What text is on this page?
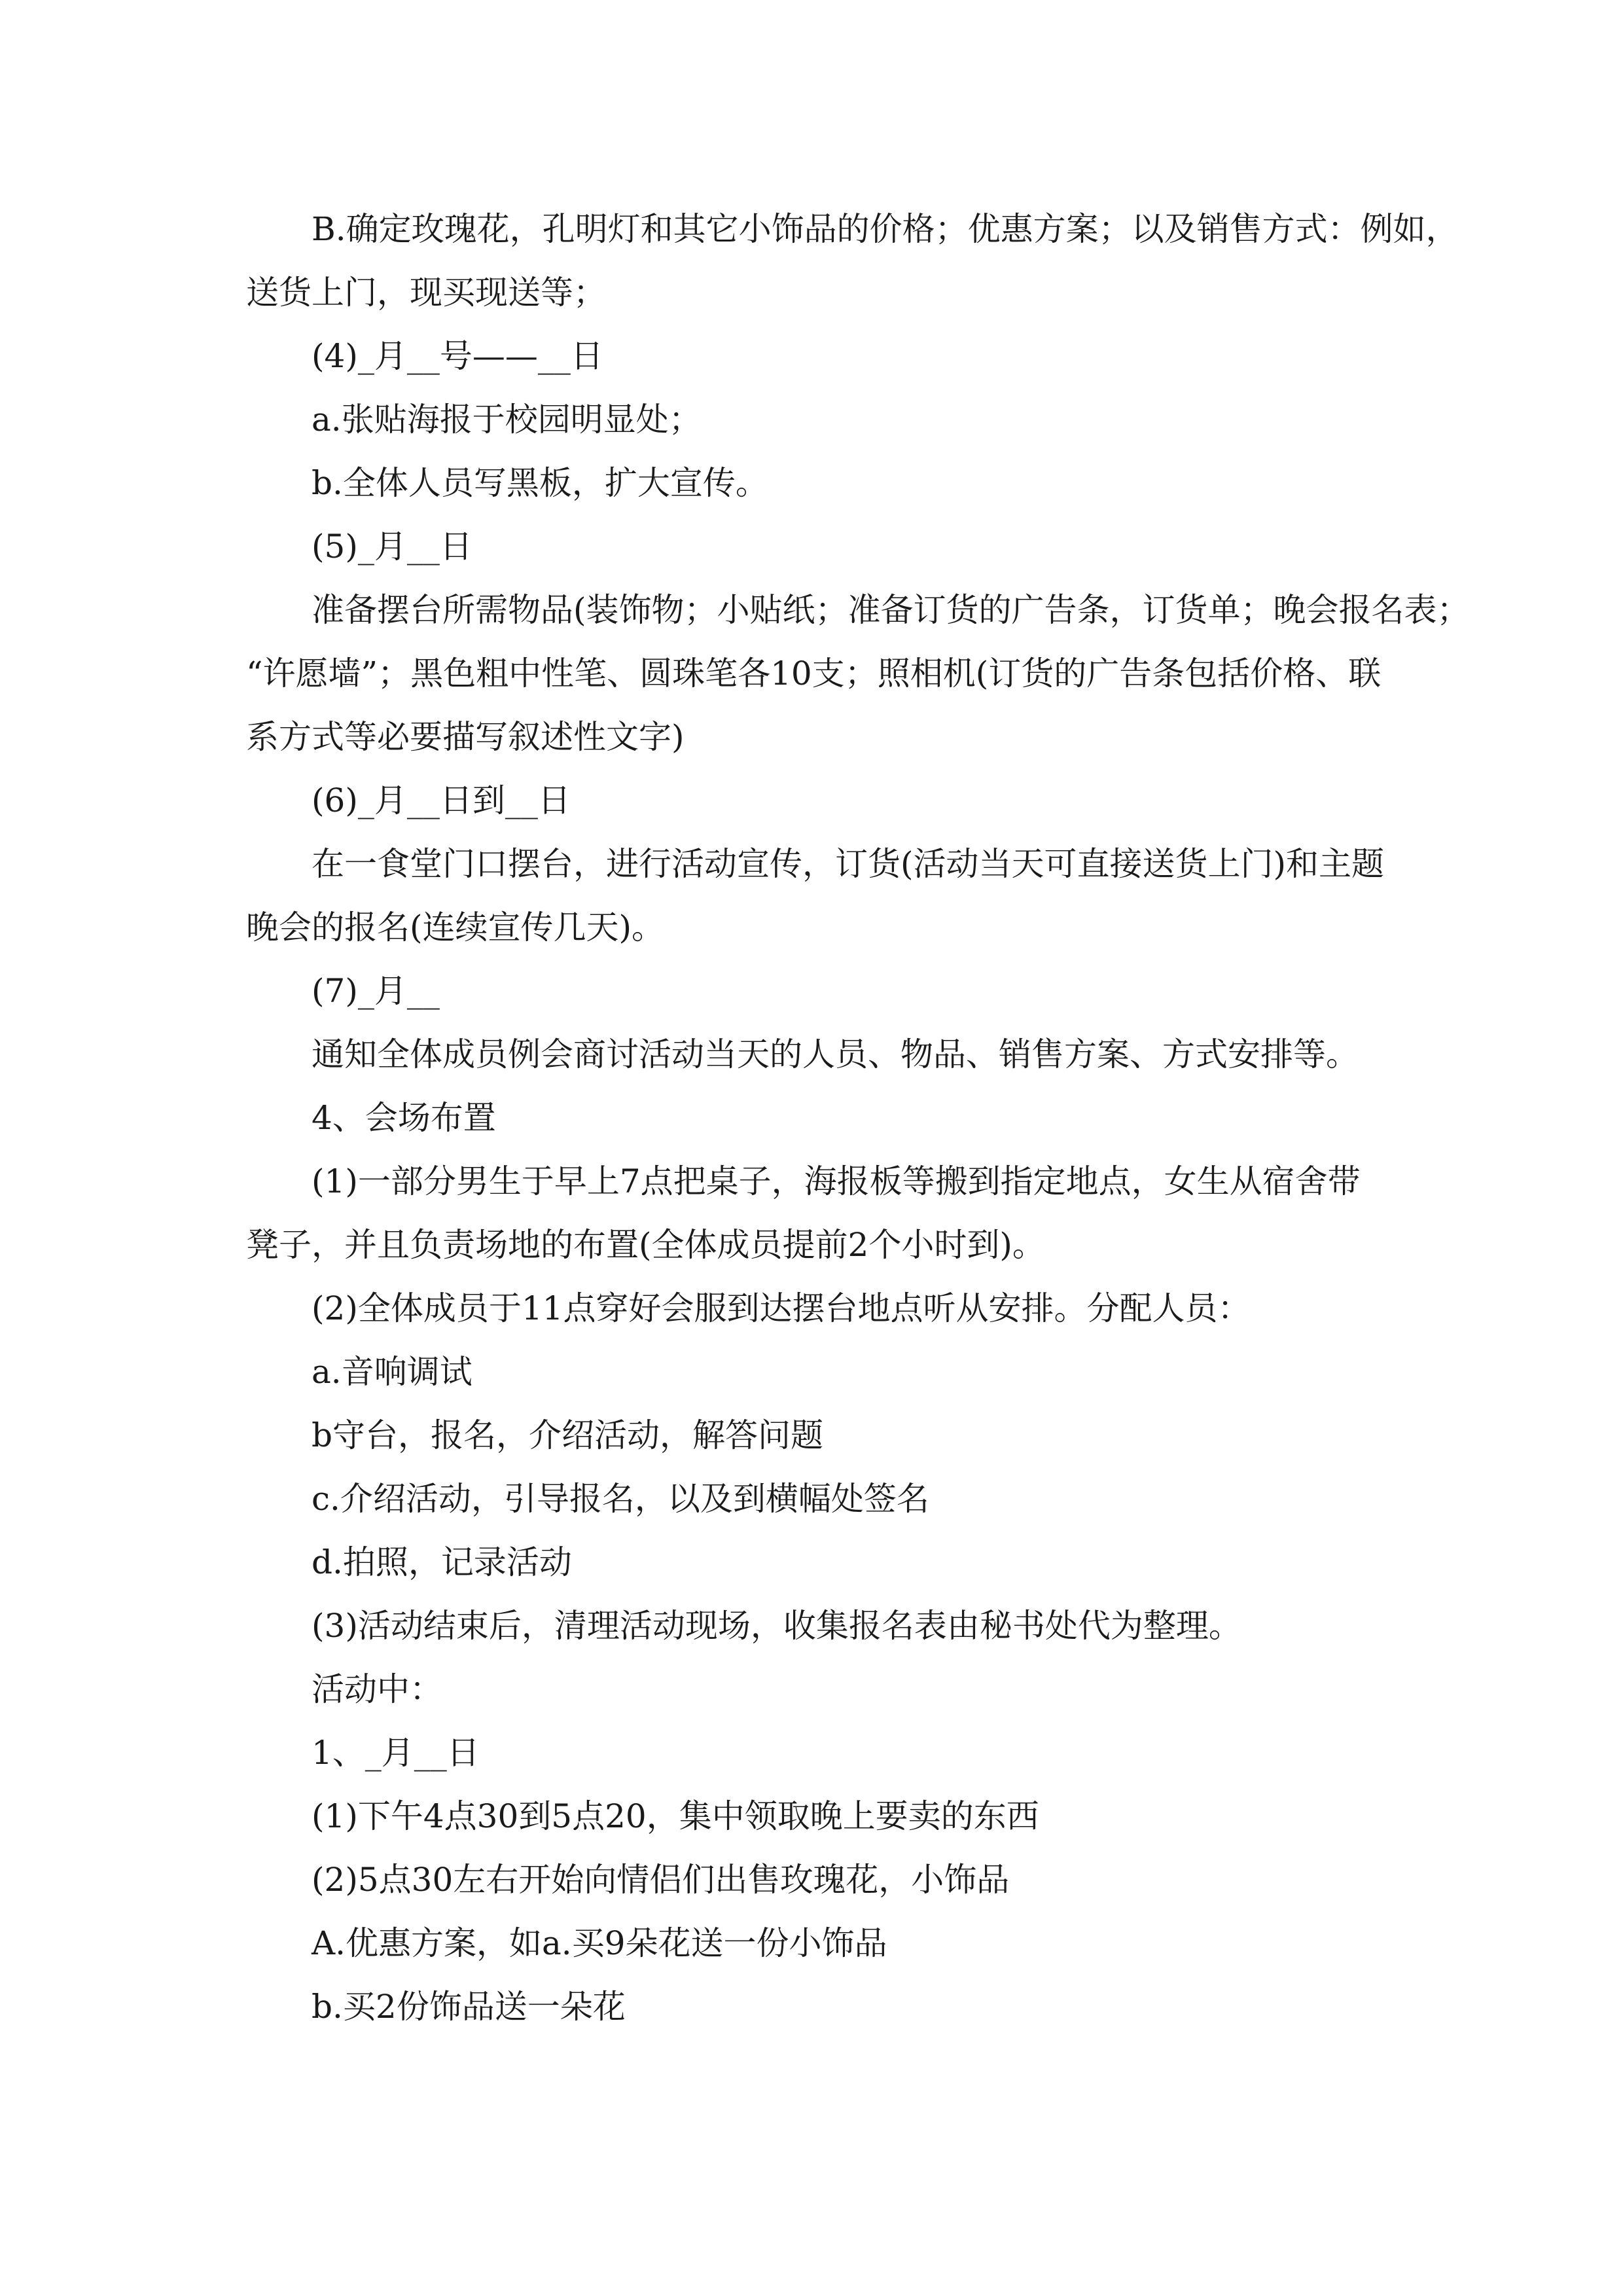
B.确定玫瑰花，孔明灯和其它小饰品的价格；优惠方案；以及销售方式：例如，
送货上门，现买现送等；
(4)_月__号——__日
a.张贴海报于校园明显处；
b.全体人员写黑板，扩大宣传。
(5)_月__日
准备摆台所需物品(装饰物；小贴纸；准备订货的广告条，订货单；晚会报名表；
“许愿墙”；黑色粗中性笔、圆珠笔各10支；照相机(订货的广告条包括价格、联
系方式等必要描写叙述性文字)
(6)_月__日到__日
在一食堂门口摆台，进行活动宣传，订货(活动当天可直接送货上门)和主题
晚会的报名(连续宣传几天)。
(7)_月__
通知全体成员例会商讨活动当天的人员、物品、销售方案、方式安排等。
4、会场布置
(1)一部分男生于早上7点把桌子，海报板等搬到指定地点，女生从宿舍带
凳子，并且负责场地的布置(全体成员提前2个小时到)。
(2)全体成员于11点穿好会服到达摆台地点听从安排。分配人员：
a.音响调试
b守台，报名，介绍活动，解答问题
c.介绍活动，引导报名，以及到横幅处签名
d.拍照，记录活动
(3)活动结束后，清理活动现场，收集报名表由秘书处代为整理。
活动中：
1、_月__日
(1)下午4点30到5点20，集中领取晚上要卖的东西
(2)5点30左右开始向情侣们出售玫瑰花，小饰品
A.优惠方案，如a.买9朵花送一份小饰品
b.买2份饰品送一朵花
